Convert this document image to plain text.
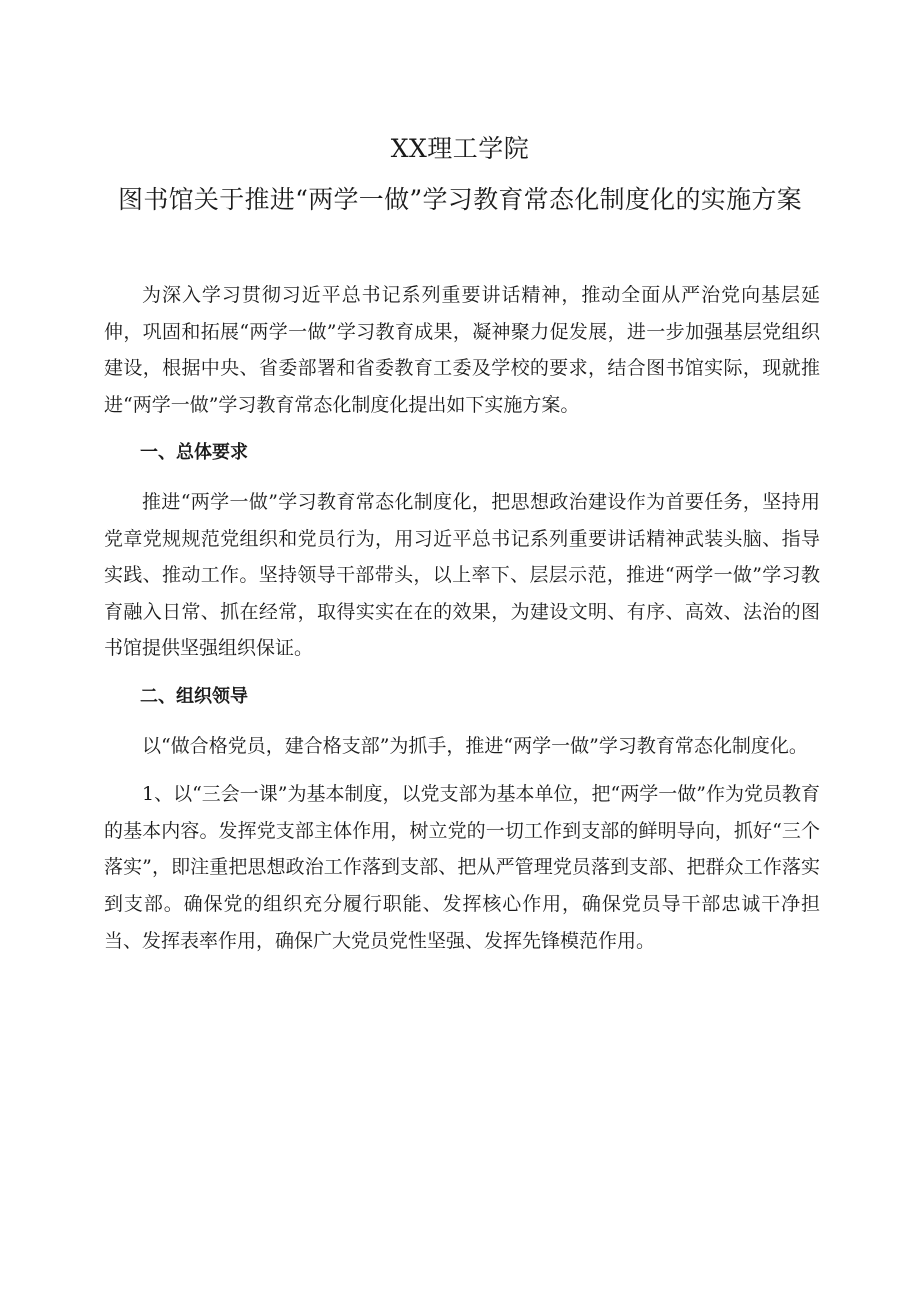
XX理工学院
图书馆关于推进“两学一做”学习教育常态化制度化的实施方案

为深入学习贯彻习近平总书记系列重要讲话精神，推动全面从严治党向基层延伸，巩固和拓展“两学一做”学习教育成果，凝神聚力促发展，进一步加强基层党组织建设，根据中央、省委部署和省委教育工委及学校的要求，结合图书馆实际，现就推进“两学一做”学习教育常态化制度化提出如下实施方案。

一、总体要求

推进“两学一做”学习教育常态化制度化，把思想政治建设作为首要任务，坚持用党章党规规范党组织和党员行为，用习近平总书记系列重要讲话精神武装头脑、指导实践、推动工作。坚持领导干部带头，以上率下、层层示范，推进“两学一做”学习教育融入日常、抓在经常，取得实实在在的效果，为建设文明、有序、高效、法治的图书馆提供坚强组织保证。

二、组织领导

以“做合格党员，建合格支部”为抓手，推进“两学一做”学习教育常态化制度化。

1、以“三会一课”为基本制度，以党支部为基本单位，把“两学一做”作为党员教育的基本内容。发挥党支部主体作用，树立党的一切工作到支部的鲜明导向，抓好“三个落实”，即注重把思想政治工作落到支部、把从严管理党员落到支部、把群众工作落实到支部。确保党的组织充分履行职能、发挥核心作用，确保党员导干部忠诚干净担当、发挥表率作用，确保广大党员党性坚强、发挥先锋模范作用。
